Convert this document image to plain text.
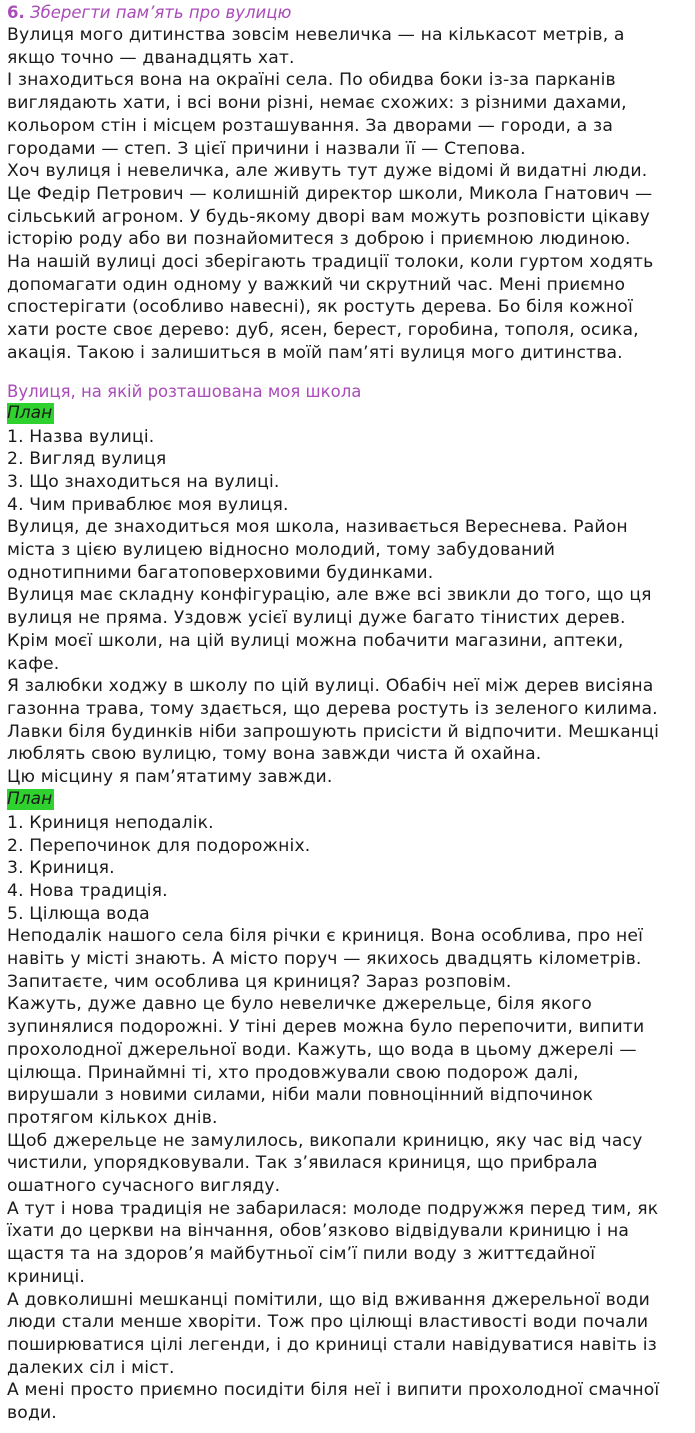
6. Зберегти пам’ять про вулицю
Вулиця мого дитинства зовсім невеличка — на кількасот метрів, а
якщо точно — дванадцять хат.
І знаходиться вона на окраїні села. По обидва боки із-за парканів
виглядають хати, і всі вони різні, немає схожих: з різними дахами,
кольором стін і місцем розташування. За дворами — городи, а за
городами — степ. З цієї причини і назвали її — Степова.
Хоч вулиця і невеличка, але живуть тут дуже відомі й видатні люди.
Це Федір Петрович — колишній директор школи, Микола Гнатович —
сільський агроном. У будь-якому дворі вам можуть розповісти цікаву
історію роду або ви познайомитеся з доброю і приємною людиною.
На нашій вулиці досі зберігають традиції толоки, коли гуртом ходять
допомагати один одному у важкий чи скрутний час. Мені приємно
спостерігати (особливо навесні), як ростуть дерева. Бо біля кожної
хати росте своє дерево: дуб, ясен, берест, горобина, тополя, осика,
акація. Такою і залишиться в моїй пам’яті вулиця мого дитинства.
Вулиця, на якій розташована моя школа
План
1. Назва вулиці.
2. Вигляд вулиця
3. Що знаходиться на вулиці.
4. Чим приваблює моя вулиця.
Вулиця, де знаходиться моя школа, називається Вереснева. Район
міста з цією вулицею відносно молодий, тому забудований
однотипними багатоповерховими будинками.
Вулиця має складну конфігурацію, але вже всі звикли до того, що ця
вулиця не пряма. Уздовж усієї вулиці дуже багато тінистих дерев.
Крім моєї школи, на цій вулиці можна побачити магазини, аптеки,
кафе.
Я залюбки ходжу в школу по цій вулиці. Обабіч неї між дерев висіяна
газонна трава, тому здається, що дерева ростуть із зеленого килима.
Лавки біля будинків ніби запрошують присісти й відпочити. Мешканці
люблять свою вулицю, тому вона завжди чиста й охайна.
Цю місцину я пам’ятатиму завжди.
План
1. Криниця неподалік.
2. Перепочинок для подорожніх.
3. Криниця.
4. Нова традиція.
5. Цілюща вода
Неподалік нашого села біля річки є криниця. Вона особлива, про неї
навіть у місті знають. А місто поруч — якихось двадцять кілометрів.
Запитаєте, чим особлива ця криниця? Зараз розповім.
Кажуть, дуже давно це було невеличке джерельце, біля якого
зупинялися подорожні. У тіні дерев можна було перепочити, випити
прохолодної джерельної води. Кажуть, що вода в цьому джерелі —
цілюща. Принаймні ті, хто продовжували свою подорож далі,
вирушали з новими силами, ніби мали повноцінний відпочинок
протягом кількох днів.
Щоб джерельце не замулилось, викопали криницю, яку час від часу
чистили, упорядковували. Так з’явилася криниця, що прибрала
ошатного сучасного вигляду.
А тут і нова традиція не забарилася: молоде подружжя перед тим, як
їхати до церкви на вінчання, обов’язково відвідували криницю і на
щастя та на здоров’я майбутньої сім’ї пили воду з життєдайної
криниці.
А довколишні мешканці помітили, що від вживання джерельної води
люди стали менше хворіти. Тож про цілющі властивості води почали
поширюватися цілі легенди, і до криниці стали навідуватися навіть із
далеких сіл і міст.
А мені просто приємно посидіти біля неї і випити прохолодної смачної
води.
